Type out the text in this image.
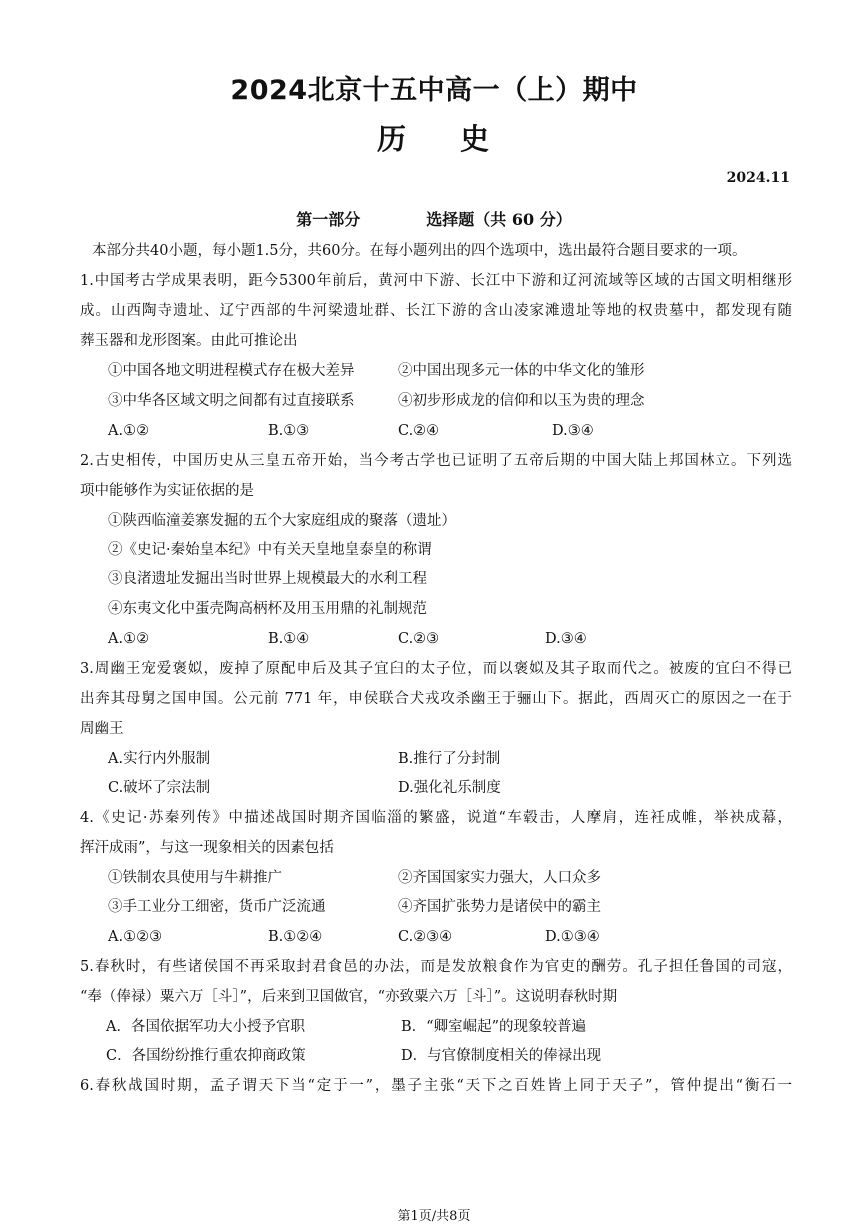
2024北京十五中高一（上）期中
历 史
2024.11
第一部分	选择题（共 60 分）
本部分共40小题，每小题1.5分，共60分。在每小题列出的四个选项中，选出最符合题目要求的一项。
1.中国考古学成果表明，距今5300年前后，黄河中下游、长江中下游和辽河流域等区域的古国文明相继形
成。山西陶寺遗址、辽宁西部的牛河梁遗址群、长江下游的含山凌家滩遗址等地的权贵墓中，都发现有随
葬玉器和龙形图案。由此可推论出
①中国各地文明进程模式存在极大差异	②中国出现多元一体的中华文化的雏形
③中华各区域文明之间都有过直接联系	④初步形成龙的信仰和以玉为贵的理念
A.①②	B.①③	C.②④	D.③④
2.古史相传，中国历史从三皇五帝开始，当今考古学也已证明了五帝后期的中国大陆上邦国林立。下列选
项中能够作为实证依据的是
①陕西临潼姜寨发掘的五个大家庭组成的聚落（遗址）
②《史记·秦始皇本纪》中有关天皇地皇泰皇的称谓
③良渚遗址发掘出当时世界上规模最大的水利工程
④东夷文化中蛋壳陶高柄杯及用玉用鼎的礼制规范
A.①②	B.①④	C.②③	D.③④
3.周幽王宠爱褒姒，废掉了原配申后及其子宜臼的太子位，而以褒姒及其子取而代之。被废的宜臼不得已
出奔其母舅之国申国。公元前 771 年，申侯联合犬戎攻杀幽王于骊山下。据此，西周灭亡的原因之一在于
周幽王
A.实行内外服制	B.推行了分封制
C.破坏了宗法制	D.强化礼乐制度
4.《史记·苏秦列传》中描述战国时期齐国临淄的繁盛，说道“车毂击，人摩肩，连衽成帷，举袂成幕，
挥汗成雨”，与这一现象相关的因素包括
①铁制农具使用与牛耕推广	②齐国国家实力强大，人口众多
③手工业分工细密，货币广泛流通	④齐国扩张势力是诸侯中的霸主
A.①②③	B.①②④	C.②③④	D.①③④
5.春秋时，有些诸侯国不再采取封君食邑的办法，而是发放粮食作为官吏的酬劳。孔子担任鲁国的司寇，
“奉（俸禄）粟六万［斗］”，后来到卫国做官，“亦致粟六万［斗］”。这说明春秋时期
A．各国依据军功大小授予官职	B．“卿室崛起”的现象较普遍
C．各国纷纷推行重农抑商政策	D．与官僚制度相关的俸禄出现
6.春秋战国时期，孟子谓天下当“定于一”，墨子主张“天下之百姓皆上同于天子”，管仲提出“衡石一
第1页/共8页
